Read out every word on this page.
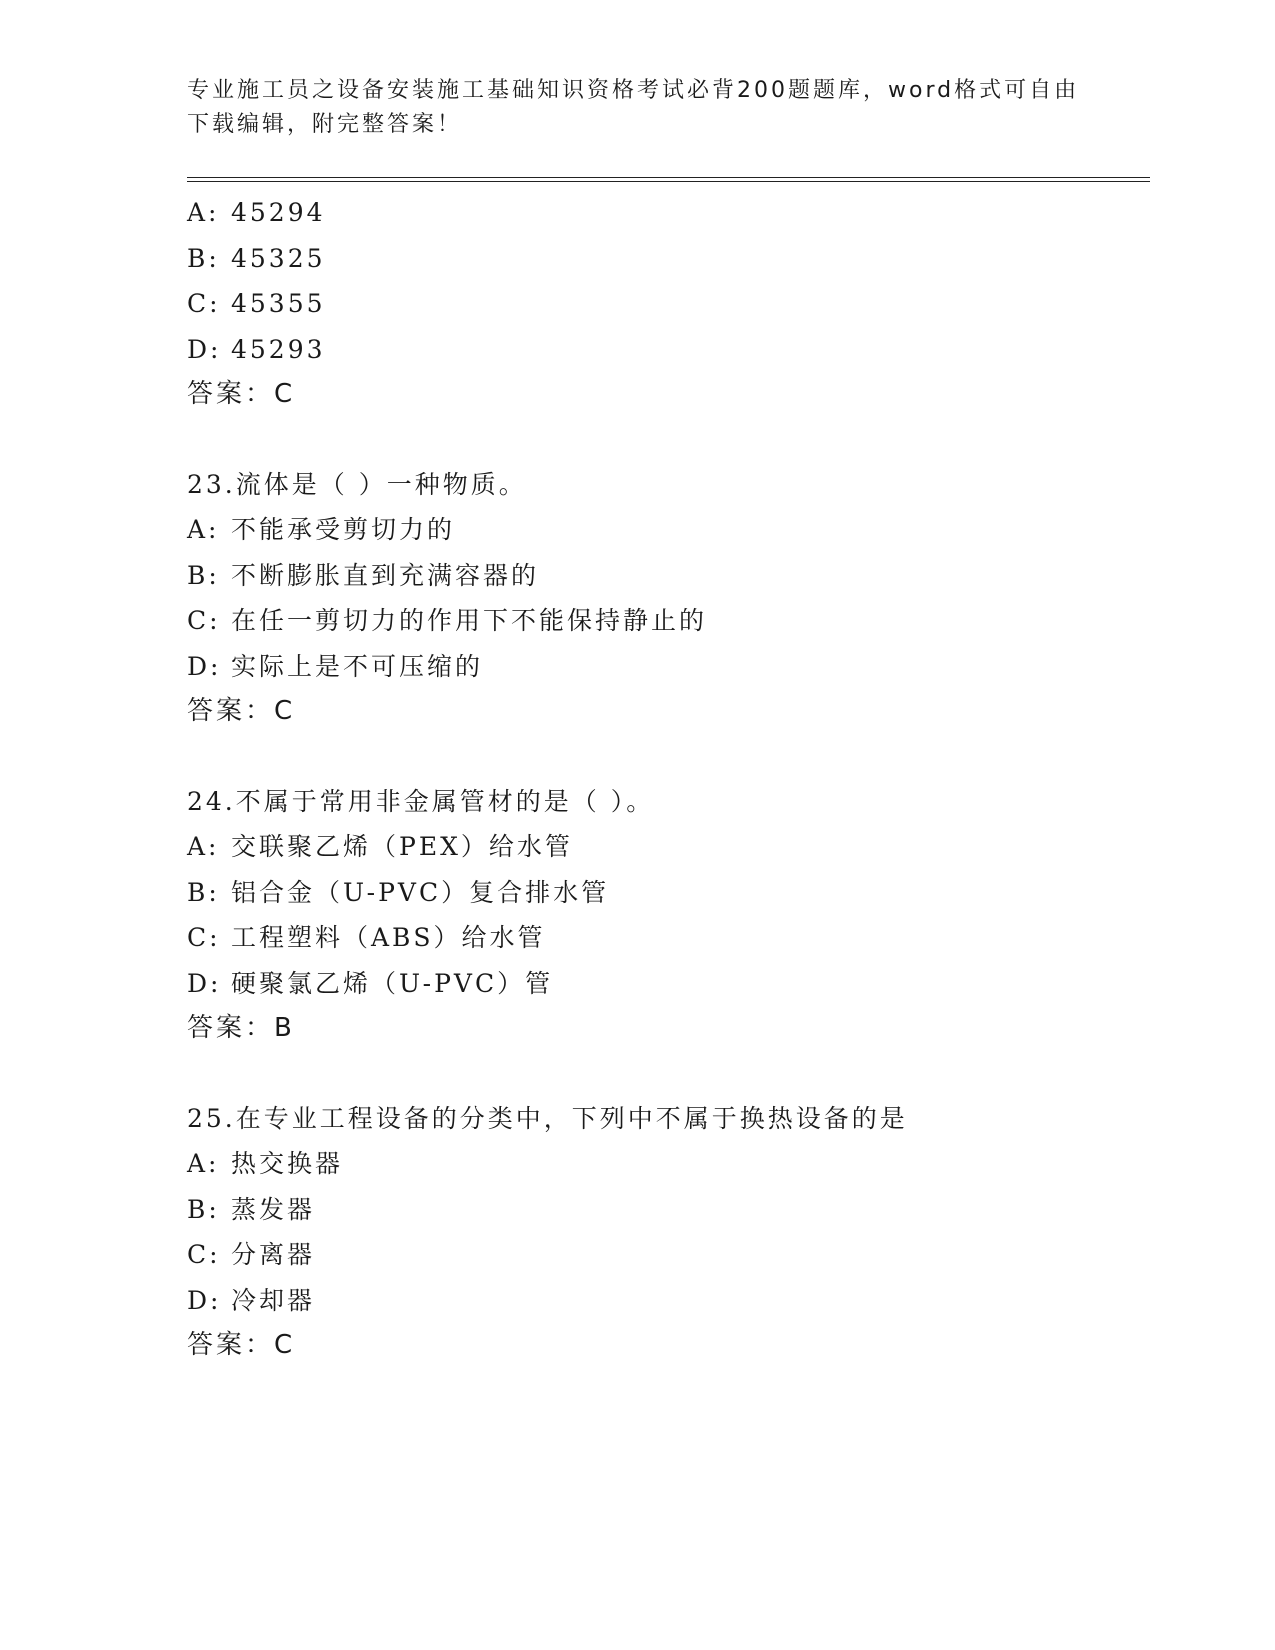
专业施工员之设备安装施工基础知识资格考试必背200题题库，word格式可自由下载编辑，附完整答案！
A: 45294
B: 45325
C: 45355
D: 45293
答案：C
23.流体是（ ）一种物质。
A: 不能承受剪切力的
B: 不断膨胀直到充满容器的
C: 在任一剪切力的作用下不能保持静止的
D: 实际上是不可压缩的
答案：C
24.不属于常用非金属管材的是（ ）。
A: 交联聚乙烯（PEX）给水管
B: 铝合金（U-PVC）复合排水管
C: 工程塑料（ABS）给水管
D: 硬聚氯乙烯（U-PVC）管
答案：B
25.在专业工程设备的分类中，下列中不属于换热设备的是
A: 热交换器
B: 蒸发器
C: 分离器
D: 冷却器
答案：C
